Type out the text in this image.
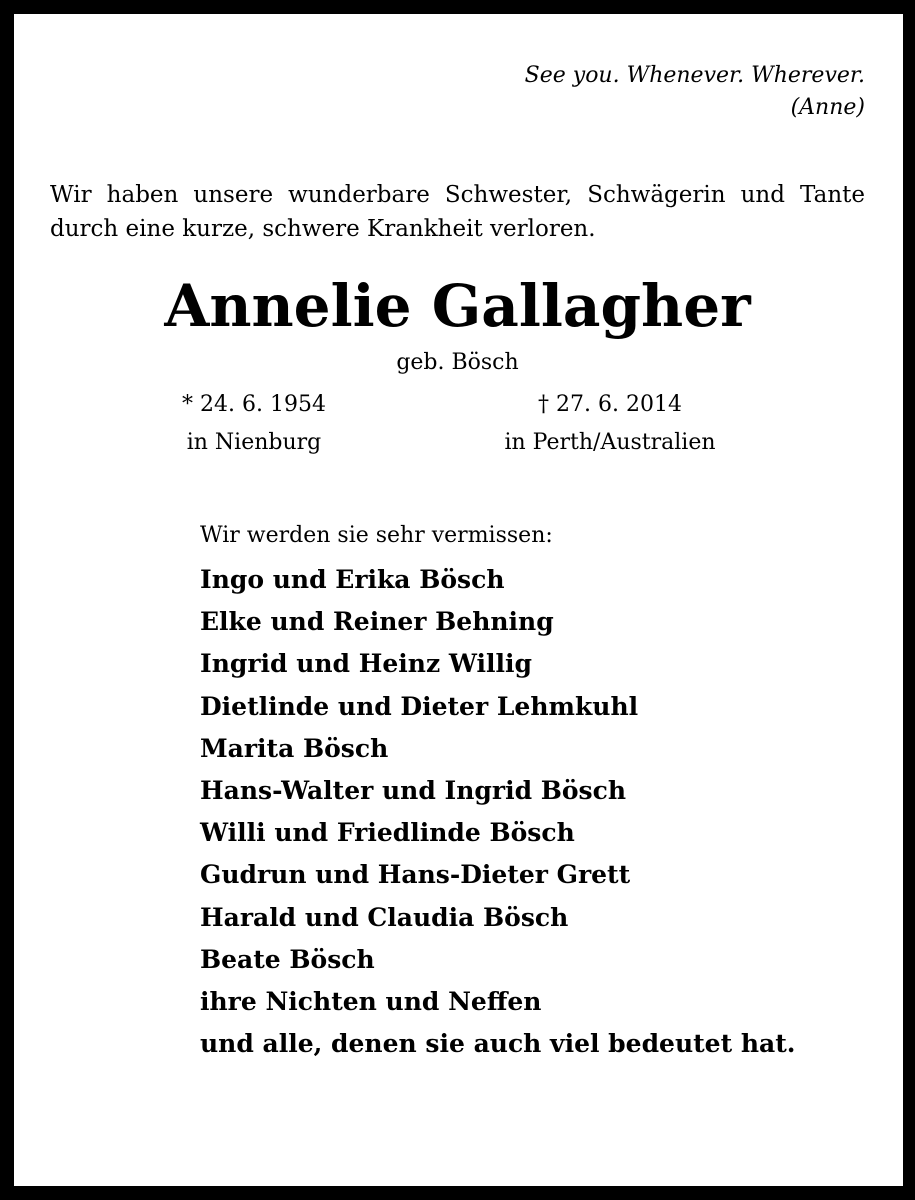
See you. Whenever. Wherever.
(Anne)
Wir haben unsere wunderbare Schwester, Schwägerin und Tante durch eine kurze, schwere Krankheit verloren.
Annelie Gallagher
geb. Bösch
* 24. 6. 1954
in Nienburg
† 27. 6. 2014
in Perth/Australien
Wir werden sie sehr vermissen:
Ingo und Erika Bösch
Elke und Reiner Behning
Ingrid und Heinz Willig
Dietlinde und Dieter Lehmkuhl
Marita Bösch
Hans-Walter und Ingrid Bösch
Willi und Friedlinde Bösch
Gudrun und Hans-Dieter Grett
Harald und Claudia Bösch
Beate Bösch
ihre Nichten und Neffen
und alle, denen sie auch viel bedeutet hat.
